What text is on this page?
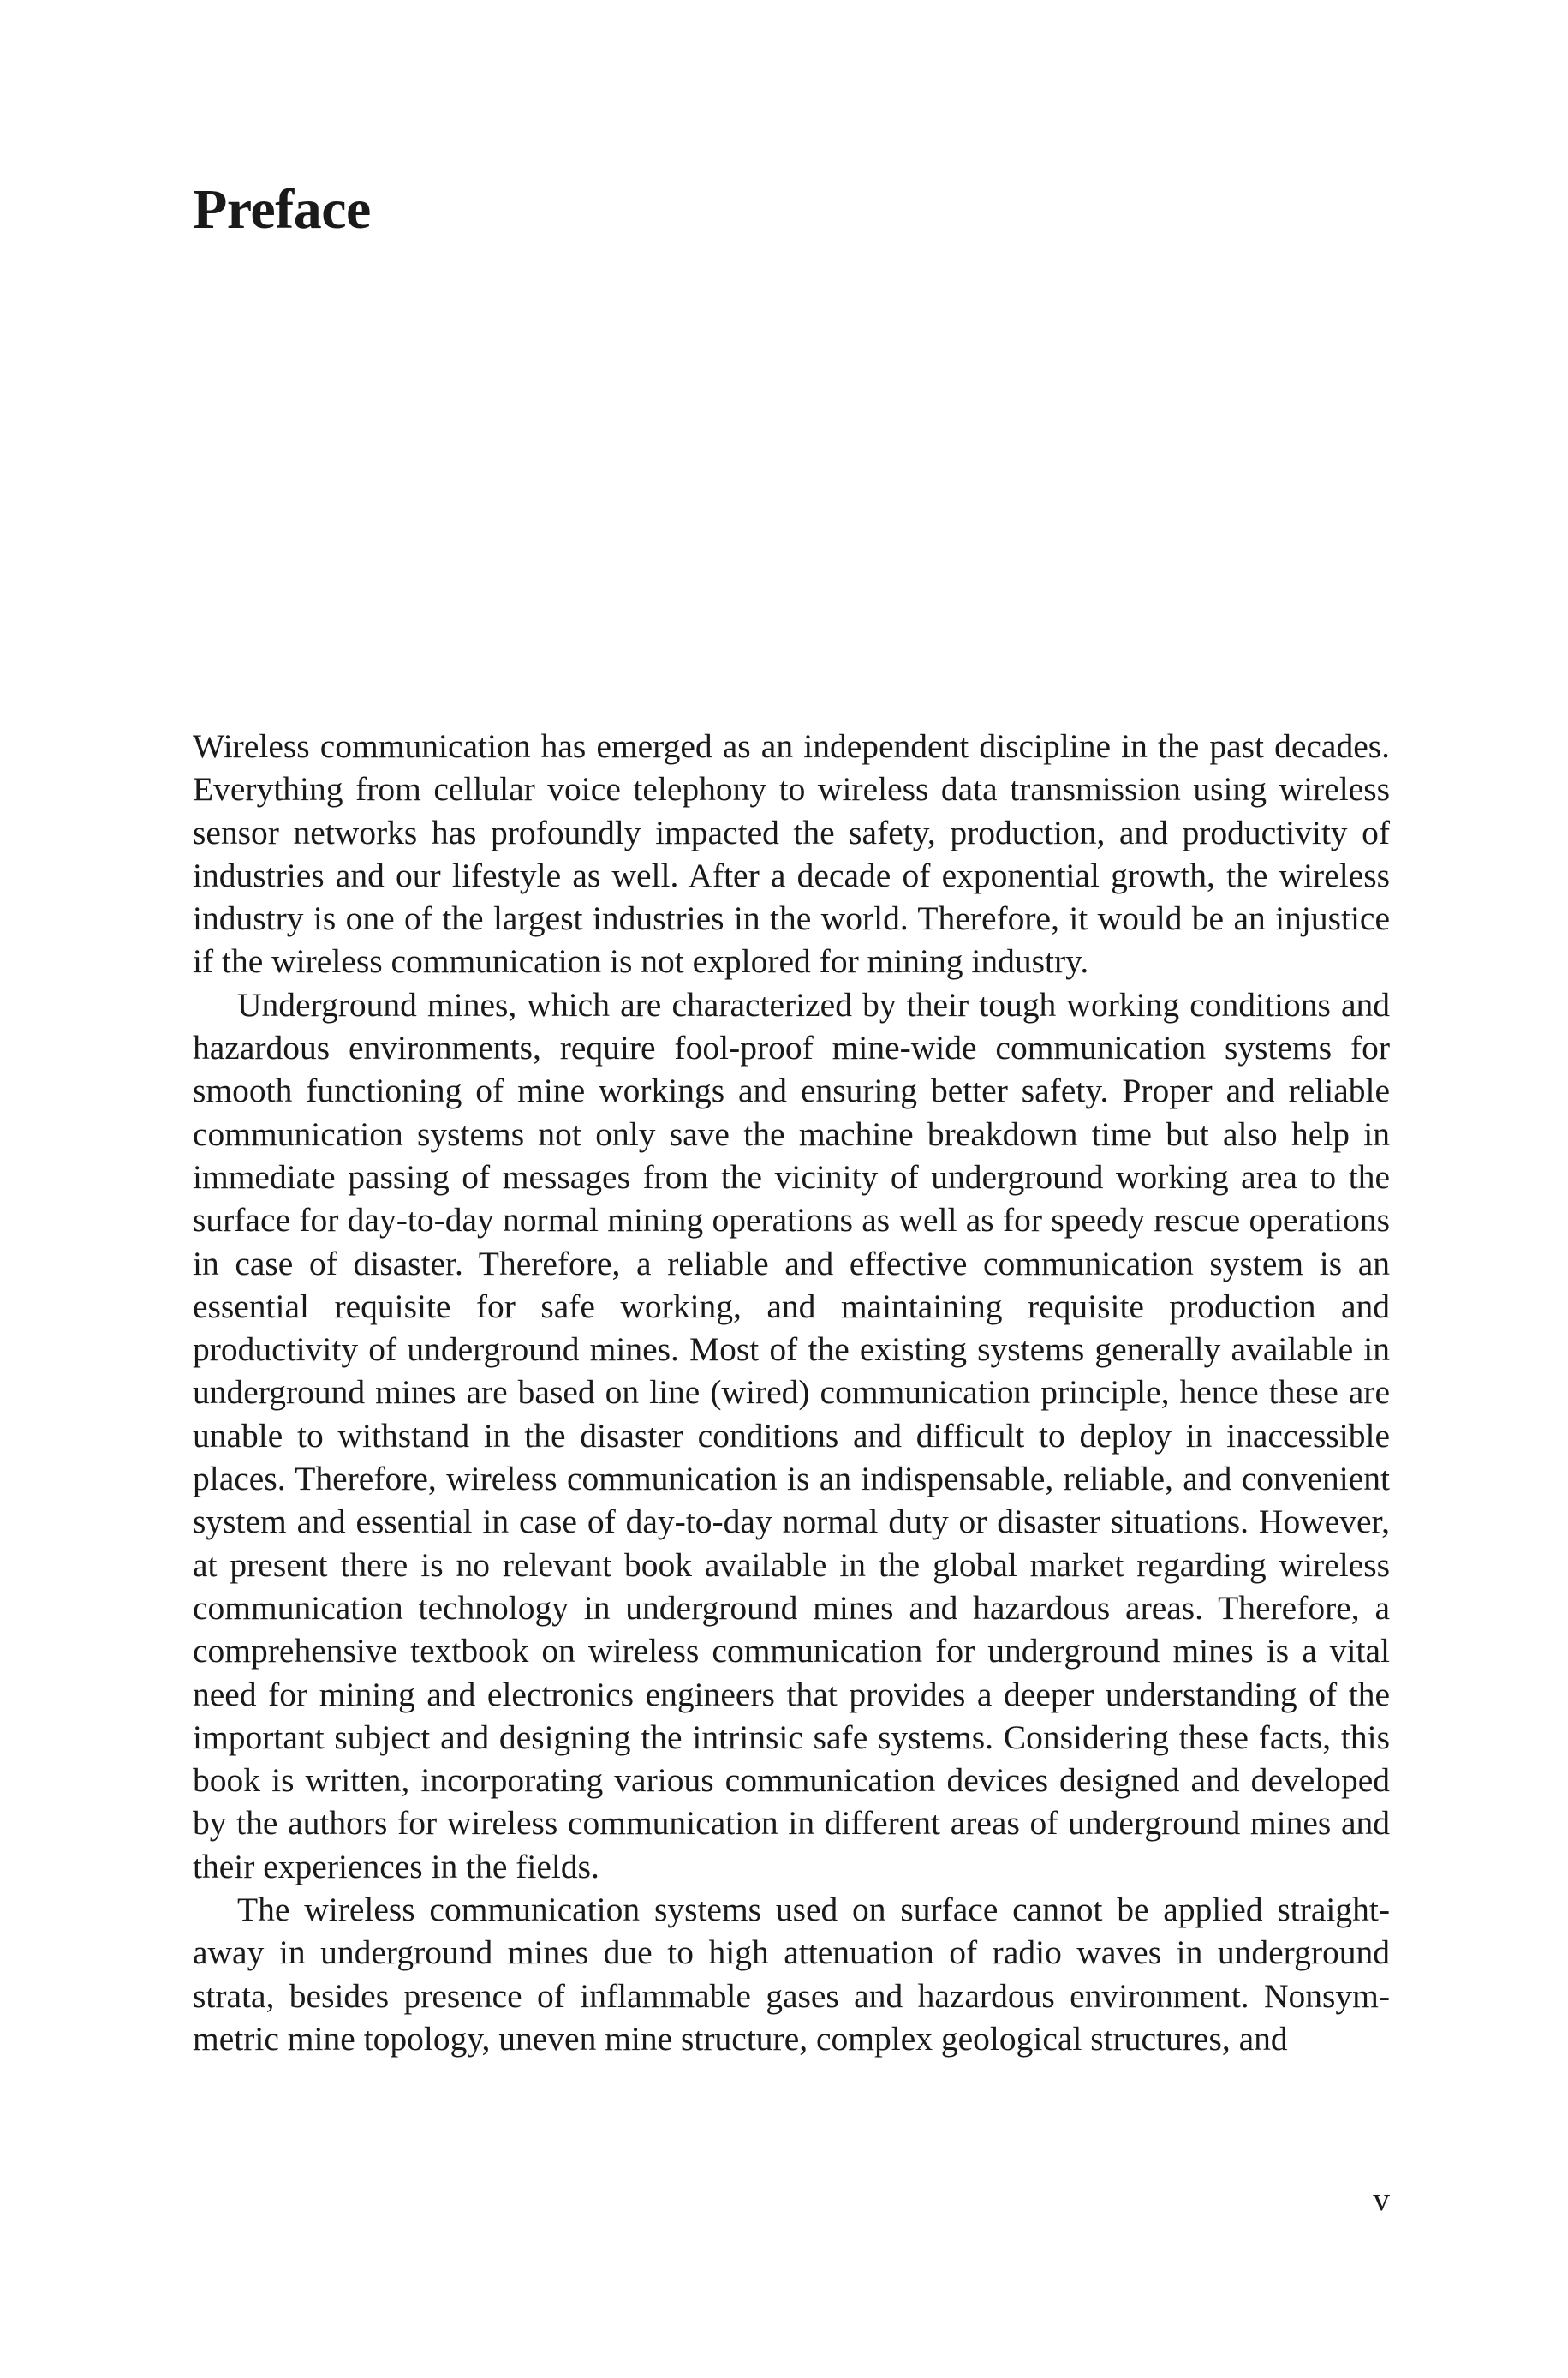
Preface

Wireless communication has emerged as an independent discipline in the past decades. Everything from cellular voice telephony to wireless data transmission using wireless sensor networks has profoundly impacted the safety, production, and productivity of industries and our lifestyle as well. After a decade of exponential growth, the wireless industry is one of the largest industries in the world. Therefore, it would be an injustice if the wireless communication is not explored for mining industry.

Underground mines, which are characterized by their tough working conditions and hazardous environments, require fool-proof mine-wide communication systems for smooth functioning of mine workings and ensuring better safety. Proper and reliable communication systems not only save the machine breakdown time but also help in immediate passing of messages from the vicinity of underground working area to the surface for day-to-day normal mining operations as well as for speedy rescue operations in case of disaster. Therefore, a reliable and effective communication system is an essential requisite for safe working, and maintaining requisite production and productivity of underground mines. Most of the existing systems generally available in underground mines are based on line (wired) communication principle, hence these are unable to withstand in the disaster conditions and difficult to deploy in inaccessible places. Therefore, wireless communication is an indispensable, reliable, and convenient system and essential in case of day-to-day normal duty or disaster situations. However, at present there is no relevant book available in the global market regarding wireless communication technology in underground mines and hazardous areas. Therefore, a comprehensive textbook on wireless communication for underground mines is a vital need for mining and electronics engineers that provides a deeper understanding of the important subject and designing the intrinsic safe systems. Considering these facts, this book is written, incorporating various communication devices designed and developed by the authors for wireless communication in different areas of underground mines and their experiences in the fields.

The wireless communication systems used on surface cannot be applied straightaway in underground mines due to high attenuation of radio waves in underground strata, besides presence of inflammable gases and hazardous environment. Nonsymmetric mine topology, uneven mine structure, complex geological structures, and

v
